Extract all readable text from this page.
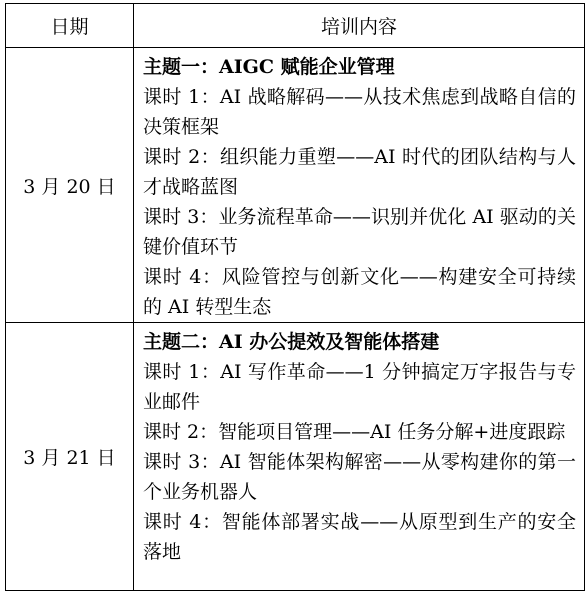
日期	培训内容
3 月 20 日	主题一：AIGC 赋能企业管理
课时 1：AI 战略解码——从技术焦虑到战略自信的决策框架
课时 2：组织能力重塑——AI 时代的团队结构与人才战略蓝图
课时 3：业务流程革命——识别并优化 AI 驱动的关键价值环节
课时 4：风险管控与创新文化——构建安全可持续的 AI 转型生态

3 月 21 日	主题二：AI 办公提效及智能体搭建
课时 1：AI 写作革命——1 分钟搞定万字报告与专业邮件
课时 2：智能项目管理——AI 任务分解+进度跟踪
课时 3：AI 智能体架构解密——从零构建你的第一个业务机器人
课时 4：智能体部署实战——从原型到生产的安全落地
